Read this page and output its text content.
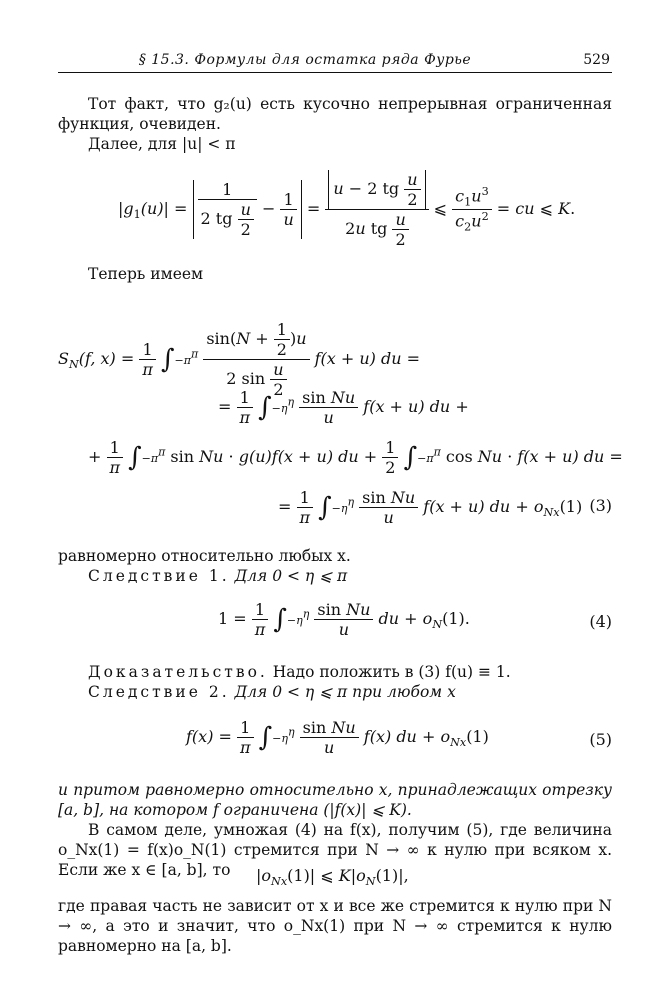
§ 15.3. Формулы для остатка ряда Фурье	529

Тот факт, что g₂(u) есть кусочно непрерывная ограниченная функция, очевиден.

Далее, для |u| < π

$|g_1(u)| = \frac{1}{2 tg \frac{u}{2}} - \frac{1}{u} = \frac{u - 2 tg \frac{u}{2}}{2u tg \frac{u}{2}}$ ⩽ $\frac{c_1u^3}{c_2u^2}$ = cu ⩽ K.

Теперь имеем

$S_N(f$, $x) = \frac{1}{\pi} \int-\pi^\pi \frac{\sin(N + \frac{1}{2} )u}{2 \sin \frac{u}{2}} f(x + u)$ du =
= $\frac{1}{\pi} \int-\eta^\eta \frac{\text{sin Nu}}{u} f(x + u)$ du +
+ $\frac{1}{\pi} \int-\pi^\pi$ sin Nu · g(u)f(x + u) du + $\frac{1}{2} \int-\pi^\pi$ cos Nu · f(x + u) du =
= $\frac{1}{\pi} \int-\eta^\eta \frac{\text{sin Nu}}{u} f(x + u)$ du + $o_{Nx}(1)$ (3)

равномерно относительно любых x.

Следствие 1. Для 0 < η ⩽ π

$1 = \frac{1}{\pi} \int-\eta^\eta \frac{\text{sin Nu}}{u}$ du + $o_N(1)$.	(4)

Доказательство. Надо положить в (3) f(u) ≡ 1.

Следствие 2. Для 0 < η ⩽ π при любом x

$f(x) = \frac{1}{\pi} \int-\eta^\eta \frac{\text{sin Nu}}{u} f(x)$ du + $o_{Nx}(1)$	(5)

и притом равномерно относительно x, принадлежащих отрезку [a, b], на котором f ограничена (|f(x)| ⩽ K).

В самом деле, умножая (4) на f(x), получим (5), где величина o_Nx(1) = f(x)o_N(1) стремится при N → ∞ к нулю при всяком x. Если же x ∈ [a, b], то	$|o_{Nx}(1)|$ ⩽ $K|o_N(1)|$,

где правая часть не зависит от x и все же стремится к нулю при N → ∞, а это и значит, что o_Nx(1) при N → ∞ стремится к нулю равномерно на [a, b].
